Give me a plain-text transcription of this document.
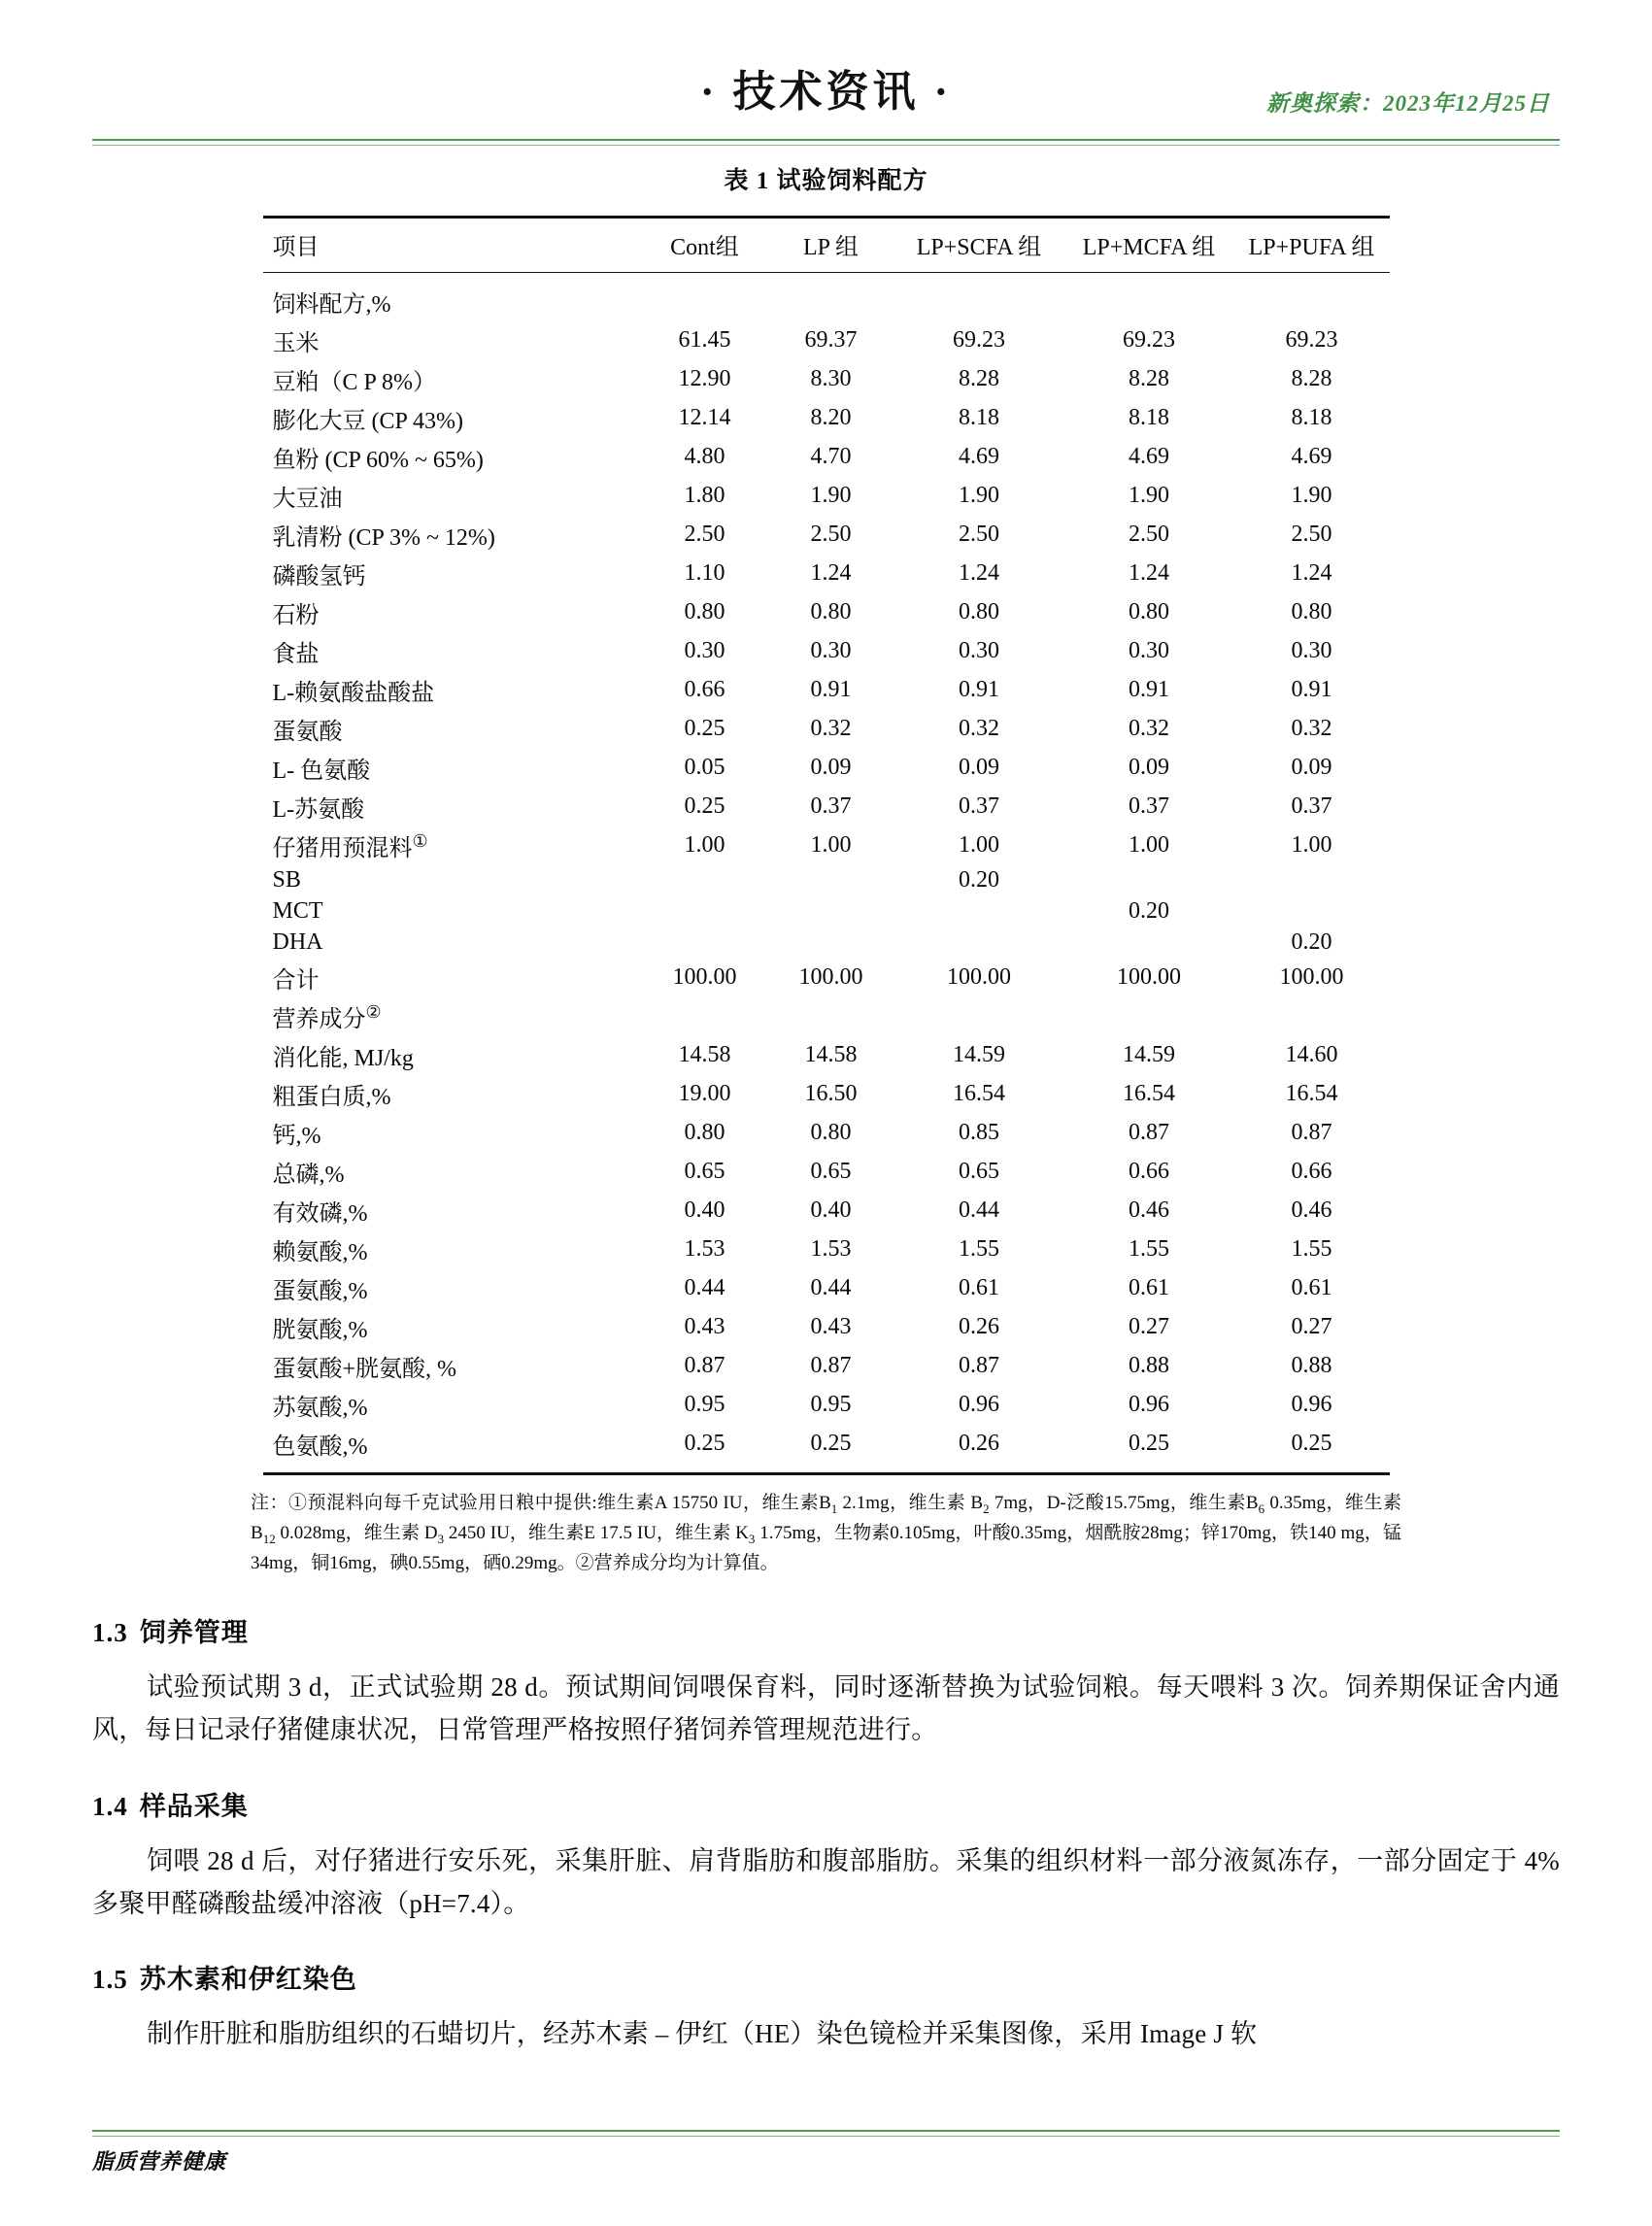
· 技术资讯 ·	新奥探索：2023年12月25日
表 1 试验饲料配方
项目	Cont组	LP 组	LP+SCFA 组	LP+MCFA 组	LP+PUFA 组
饲料配方,%					
玉米	61.45	69.37	69.23	69.23	69.23
豆粕（C P 8%）	12.90	8.30	8.28	8.28	8.28
膨化大豆 (CP 43%)	12.14	8.20	8.18	8.18	8.18
鱼粉 (CP 60% ~ 65%)	4.80	4.70	4.69	4.69	4.69
大豆油	1.80	1.90	1.90	1.90	1.90
乳清粉 (CP 3% ~ 12%)	2.50	2.50	2.50	2.50	2.50
磷酸氢钙	1.10	1.24	1.24	1.24	1.24
石粉	0.80	0.80	0.80	0.80	0.80
食盐	0.30	0.30	0.30	0.30	0.30
L-赖氨酸盐酸盐	0.66	0.91	0.91	0.91	0.91
蛋氨酸	0.25	0.32	0.32	0.32	0.32
L- 色氨酸	0.05	0.09	0.09	0.09	0.09
L-苏氨酸	0.25	0.37	0.37	0.37	0.37
仔猪用预混料①	1.00	1.00	1.00	1.00	1.00
SB			0.20		
MCT				0.20	
DHA					0.20
合计	100.00	100.00	100.00	100.00	100.00
营养成分②					
消化能, MJ/kg	14.58	14.58	14.59	14.59	14.60
粗蛋白质,%	19.00	16.50	16.54	16.54	16.54
钙,%	0.80	0.80	0.85	0.87	0.87
总磷,%	0.65	0.65	0.65	0.66	0.66
有效磷,%	0.40	0.40	0.44	0.46	0.46
赖氨酸,%	1.53	1.53	1.55	1.55	1.55
蛋氨酸,%	0.44	0.44	0.61	0.61	0.61
胱氨酸,%	0.43	0.43	0.26	0.27	0.27
蛋氨酸+胱氨酸, %	0.87	0.87	0.87	0.88	0.88
苏氨酸,%	0.95	0.95	0.96	0.96	0.96
色氨酸,%	0.25	0.25	0.26	0.25	0.25
注：①预混料向每千克试验用日粮中提供:维生素A 15750 IU，维生素$B_1$ 2.1mg，维生素 $B_2$ 7mg，D-泛酸15.75mg，维生素$B_6$ 0.35mg，维生素 $B_{12}$ 0.028mg，维生素 $D_3$ 2450 IU，维生素E 17.5 IU，维生素 $K_3$ 1.75mg，生物素0.105mg，叶酸0.35mg，烟酰胺28mg；锌170mg，铁140 mg，锰34mg，铜16mg，碘0.55mg，硒0.29mg。②营养成分均为计算值。
1.3 饲养管理

试验预试期 3 d，正式试验期 28 d。预试期间饲喂保育料，同时逐渐替换为试验饲粮。每天喂料 3 次。饲养期保证舍内通风，每日记录仔猪健康状况，日常管理严格按照仔猪饲养管理规范进行。

1.4 样品采集

饲喂 28 d 后，对仔猪进行安乐死，采集肝脏、肩背脂肪和腹部脂肪。采集的组织材料一部分液氮冻存，一部分固定于 4% 多聚甲醛磷酸盐缓冲溶液（pH=7.4）。

1.5 苏木素和伊红染色

制作肝脏和脂肪组织的石蜡切片，经苏木素 – 伊红（HE）染色镜检并采集图像，采用 Image J 软

脂质营养健康
